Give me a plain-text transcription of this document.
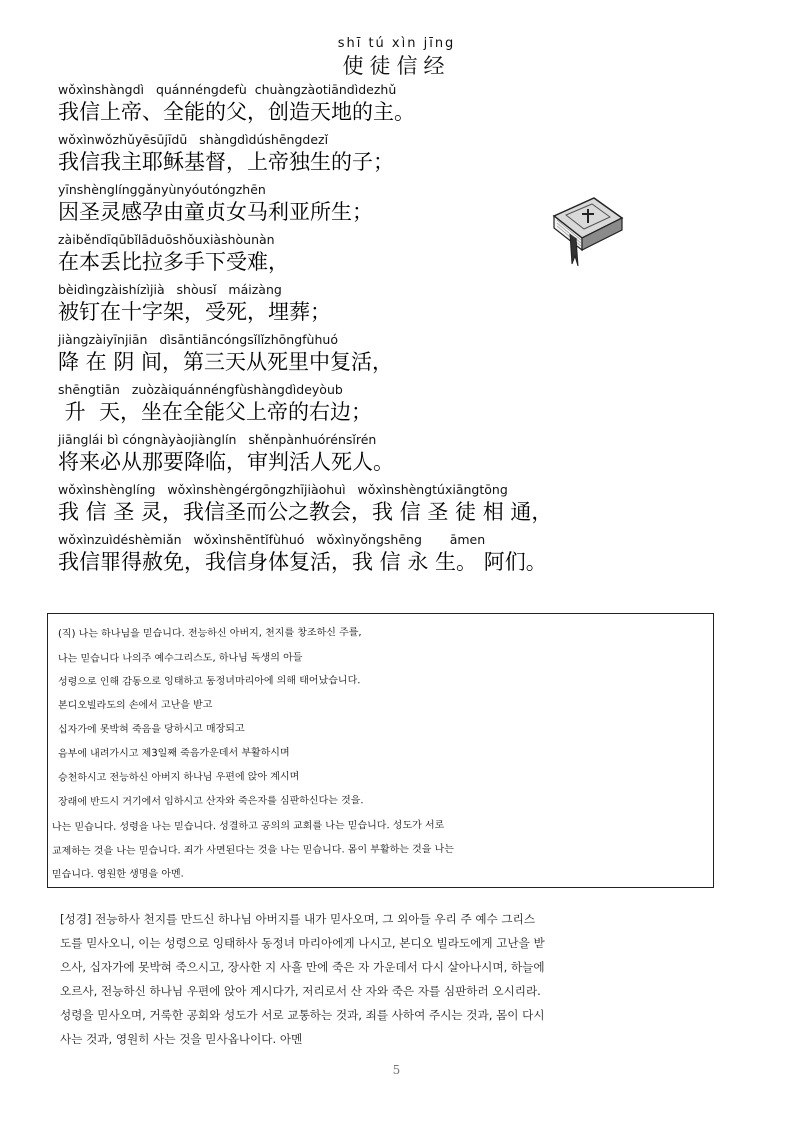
shī tú xìn jīng
使徒信经
wǒxìnshàngdì   quánnéngdefù  chuàngzàotiāndìdezhǔ
我信上帝、全能的父，创造天地的主。
wǒxìnwǒzhǔyēsūjīdū   shàngdìdúshēngdezǐ
我信我主耶稣基督，上帝独生的子；
yīnshènglínggǎnyùnyóutóngzhēn
因圣灵感孕由童贞女马利亚所生；
zàiběndīqūbǐlāduōshǒuxiàshòunàn
在本丢比拉多手下受难，
bèidìngzàishízìjià   shòusǐ   máizàng
被钉在十字架，受死，埋葬；
jiàngzàiyīnjiān   dìsāntiāncóngsǐlǐzhōngfùhuó
降 在 阴 间，第三天从死里中复活，
shēngtiān   zuòzàiquánnéngfùshàngdìdeyòub
升  天，坐在全能父上帝的右边；
jiānglái bì cóngnàyàojiànglín   shěnpànhuórénsǐrén
将来必从那要降临，审判活人死人。
wǒxìnshènglíng   wǒxìnshèngérgōngzhījiàohuì   wǒxìnshèngtúxiāngtōng
我 信 圣 灵，我信圣而公之教会，我 信 圣 徒 相 通，
wǒxìnzuìdéshèmiǎn   wǒxìnshēntǐfùhuó   wǒxìnyǒngshēng       āmen
我信罪得赦免，我信身体复活，我 信 永 生。 阿们。
(직) 나는 하나님을 믿습니다. 전능하신 아버지, 천지를 창조하신 주를,
나는 믿습니다 나의주 예수그리스도, 하나님 독생의 아들
성령으로 인해 감동으로 잉태하고 동정녀마리아에 의해 태어났습니다.
본디오빌라도의 손에서 고난을 받고
십자가에 못박혀 죽음을 당하시고 매장되고
음부에 내려가시고 제3일째 죽음가운데서 부활하시며
승천하시고 전능하신 아버지 하나님 우편에 앉아 계시며
장래에 반드시 거기에서 임하시고 산자와 죽은자를 심판하신다는 것을.
나는 믿습니다. 성령을 나는 믿습니다. 성결하고 공의의 교회를 나는 믿습니다. 성도가 서로
교제하는 것을 나는 믿습니다. 죄가 사면된다는 것을 나는 믿습니다. 몸이 부활하는 것을 나는
믿습니다. 영원한 생명을 아멘.
[성경] 전능하사 천지를 만드신 하나님 아버지를 내가 믿사오며, 그 외아들 우리 주 예수 그리스
도를 믿사오니, 이는 성령으로 잉태하사 동정녀 마리아에게 나시고, 본디오 빌라도에게 고난을 받
으사, 십자가에 못박혀 죽으시고, 장사한 지 사흘 만에 죽은 자 가운데서 다시 살아나시며, 하늘에
오르사, 전능하신 하나님 우편에 앉아 계시다가, 저리로서 산 자와 죽은 자를 심판하러 오시리라.
성령을 믿사오며, 거룩한 공회와 성도가 서로 교통하는 것과, 죄를 사하여 주시는 것과, 몸이 다시
사는 것과, 영원히 사는 것을 믿사옵나이다. 아멘
5
